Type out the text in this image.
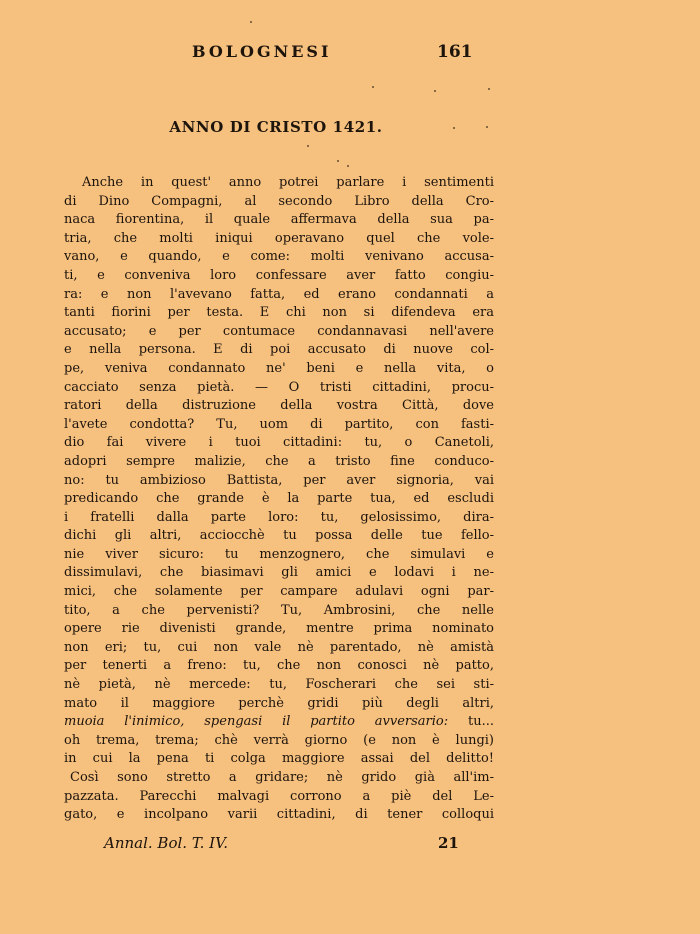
BOLOGNESI	161
ANNO DI CRISTO 1421.
Anche in quest' anno potrei parlare i sentimenti
di Dino Compagni, al secondo Libro della Cro-
naca fiorentina, il quale affermava della sua pa-
tria, che molti iniqui operavano quel che vole-
vano, e quando, e come: molti venivano accusa-
ti, e conveniva loro confessare aver fatto congiu-
ra: e non l'avevano fatta, ed erano condannati a
tanti fiorini per testa. E chi non si difendeva era
accusato; e per contumace condannavasi nell'avere
e nella persona. E di poi accusato di nuove col-
pe, veniva condannato ne' beni e nella vita, o
cacciato senza pietà. — O tristi cittadini, procu-
ratori della distruzione della vostra Città, dove
l'avete condotta? Tu, uom di partito, con fasti-
dio fai vivere i tuoi cittadini: tu, o Canetoli,
adopri sempre malizie, che a tristo fine conduco-
no: tu ambizioso Battista, per aver signoria, vai
predicando che grande è la parte tua, ed escludi
i fratelli dalla parte loro: tu, gelosissimo, dira-
dichi gli altri, acciocchè tu possa delle tue fello-
nie viver sicuro: tu menzognero, che simulavi e
dissimulavi, che biasimavi gli amici e lodavi i ne-
mici, che solamente per campare adulavi ogni par-
tito, a che pervenisti? Tu, Ambrosini, che nelle
opere rie divenisti grande, mentre prima nominato
non eri; tu, cui non vale nè parentado, nè amistà
per tenerti a freno: tu, che non conosci nè patto,
nè pietà, nè mercede: tu, Foscherari che sei sti-
mato il maggiore perchè gridi più degli altri,
muoia l'inimico, spengasi il partito avversario: tu...
oh trema, trema; chè verrà giorno (e non è lungi)
in cui la pena ti colga maggiore assai del delitto!
Così sono stretto a gridare; nè grido già all'im-
pazzata. Parecchi malvagi corrono a piè del Le-
gato, e incolpano varii cittadini, di tener colloqui
Annal. Bol. T. IV.	21
